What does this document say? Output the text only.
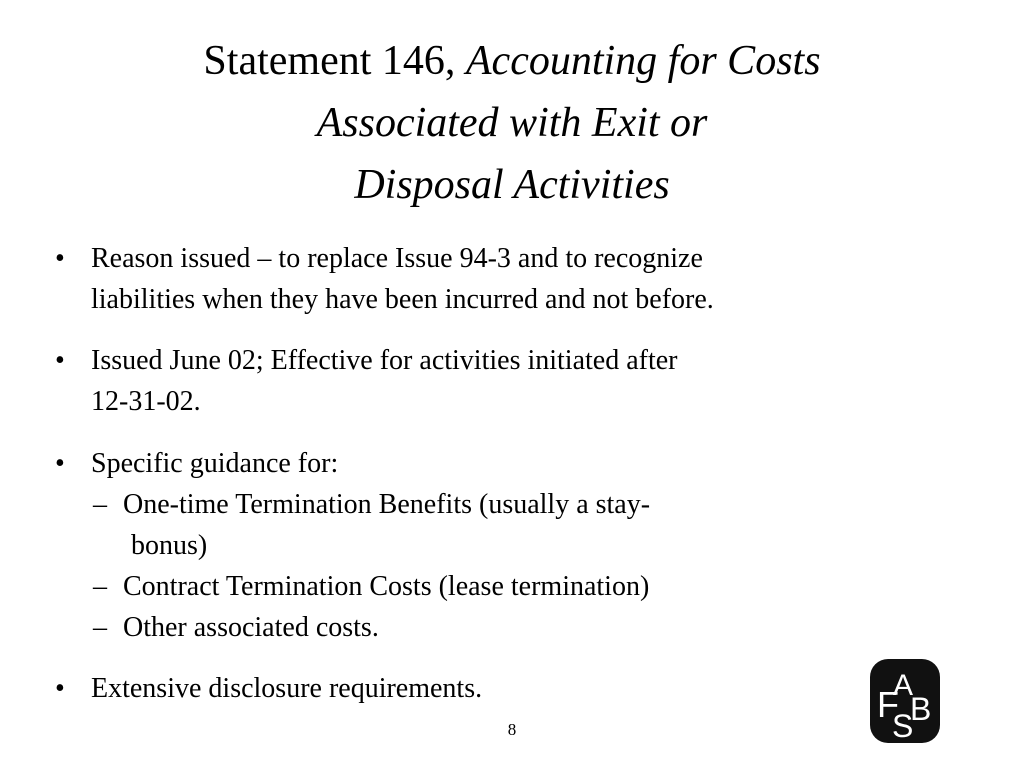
Statement 146, Accounting for Costs
Associated with Exit or
Disposal Activities
• Reason issued – to replace Issue 94-3 and to recognize
liabilities when they have been incurred and not before.
• Issued June 02; Effective for activities initiated after
12-31-02.
• Specific guidance for:
– One-time Termination Benefits (usually a stay-
bonus)
– Contract Termination Costs (lease termination)
– Other associated costs.
• Extensive disclosure requirements.
8
F
A
S
B
